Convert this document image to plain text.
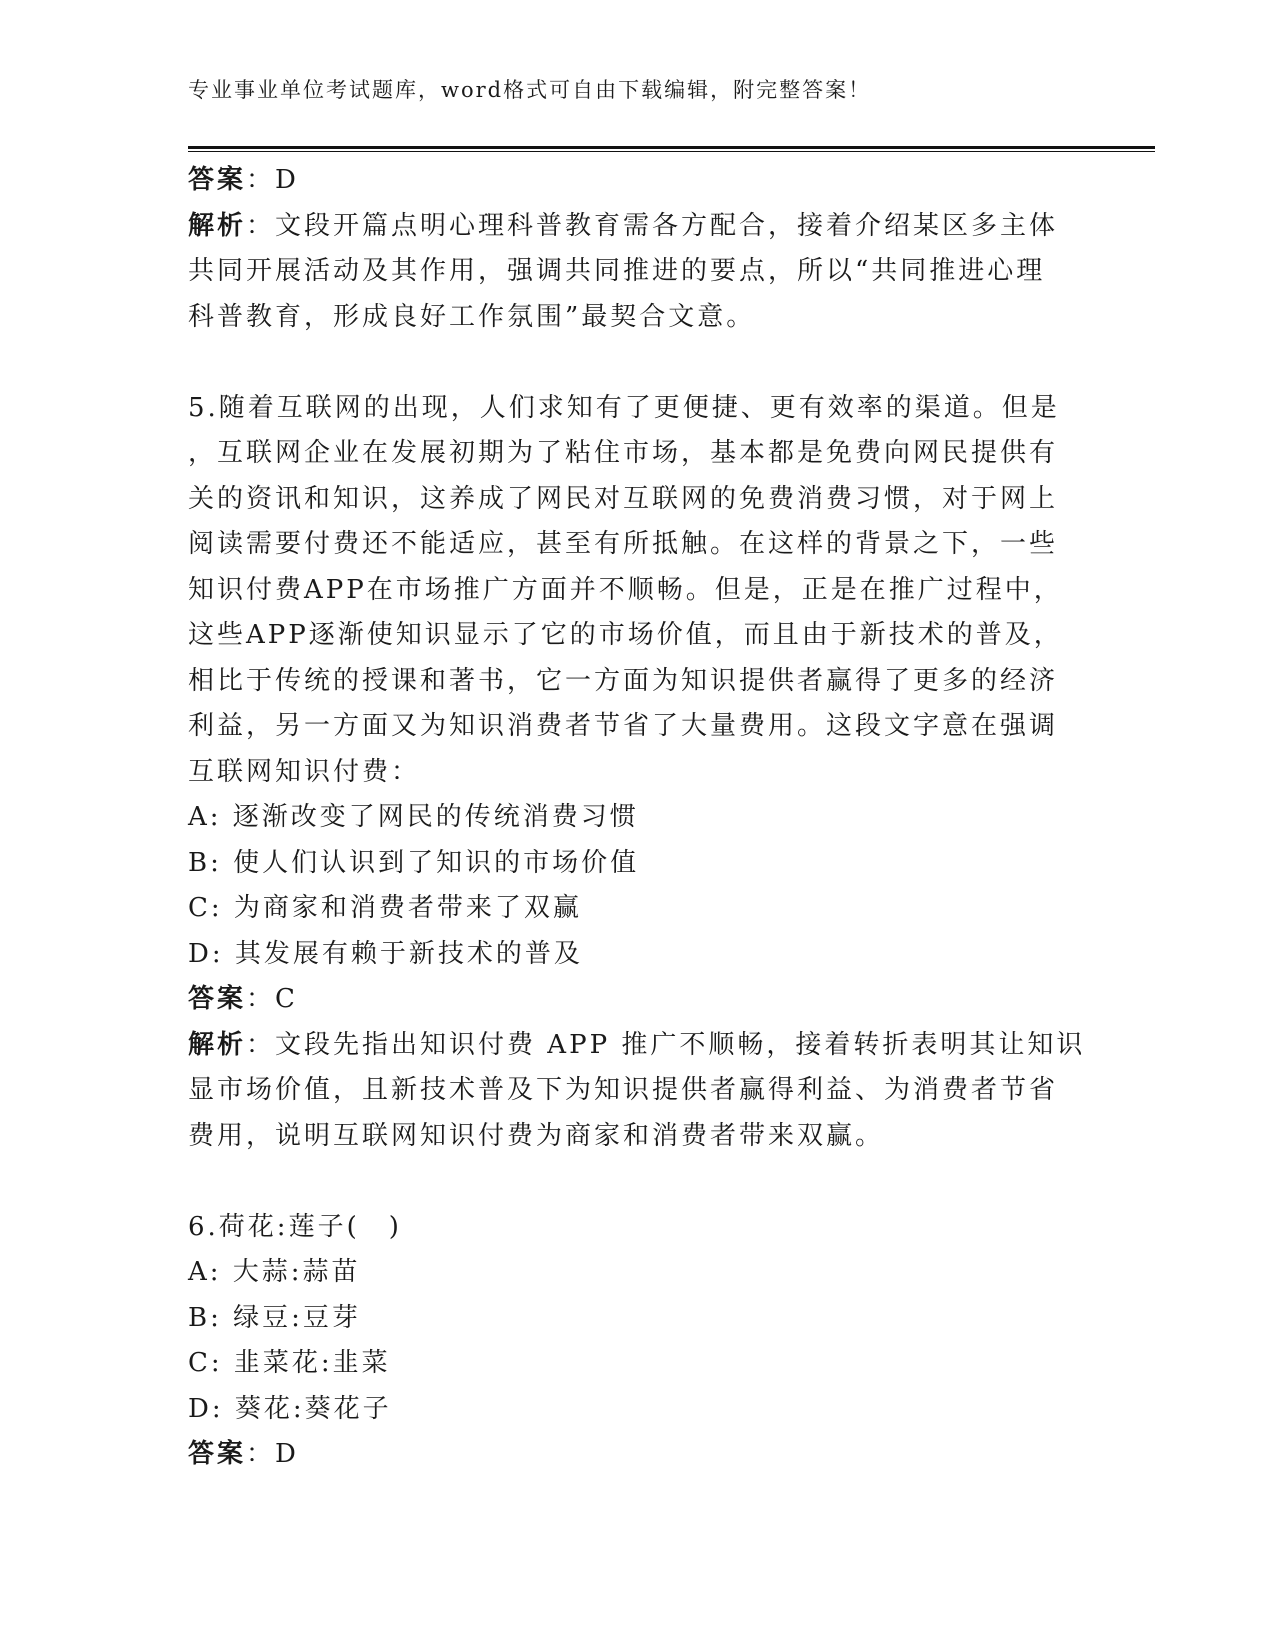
专业事业单位考试题库，word格式可自由下载编辑，附完整答案！
答案：D
解析：文段开篇点明心理科普教育需各方配合，接着介绍某区多主体
共同开展活动及其作用，强调共同推进的要点，所以“共同推进心理
科普教育，形成良好工作氛围”最契合文意。
5.随着互联网的出现，人们求知有了更便捷、更有效率的渠道。但是
，互联网企业在发展初期为了粘住市场，基本都是免费向网民提供有
关的资讯和知识，这养成了网民对互联网的免费消费习惯，对于网上
阅读需要付费还不能适应，甚至有所抵触。在这样的背景之下，一些
知识付费APP在市场推广方面并不顺畅。但是，正是在推广过程中，
这些APP逐渐使知识显示了它的市场价值，而且由于新技术的普及，
相比于传统的授课和著书，它一方面为知识提供者赢得了更多的经济
利益，另一方面又为知识消费者节省了大量费用。这段文字意在强调
互联网知识付费：
A: 逐渐改变了网民的传统消费习惯
B: 使人们认识到了知识的市场价值
C: 为商家和消费者带来了双赢
D: 其发展有赖于新技术的普及
答案：C
解析：文段先指出知识付费 APP 推广不顺畅，接着转折表明其让知识
显市场价值，且新技术普及下为知识提供者赢得利益、为消费者节省
费用，说明互联网知识付费为商家和消费者带来双赢。
6.荷花:莲子(　)
A: 大蒜:蒜苗
B: 绿豆:豆芽
C: 韭菜花:韭菜
D: 葵花:葵花子
答案：D
